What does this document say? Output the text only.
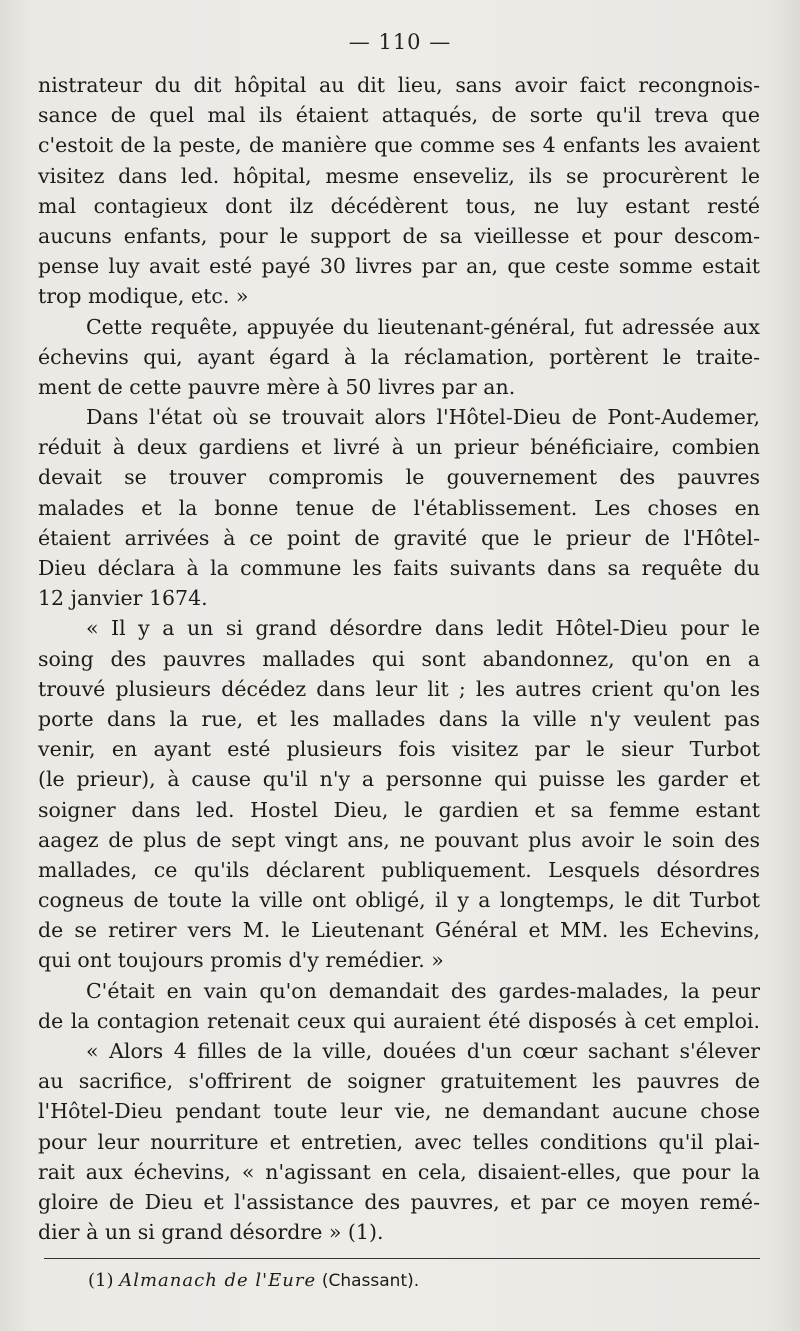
— 110 —
nistrateur du dit hôpital au dit lieu, sans avoir faict recongnois-
sance de quel mal ils étaient attaqués, de sorte qu'il treva que
c'estoit de la peste, de manière que comme ses 4 enfants les avaient
visitez dans led. hôpital, mesme enseveliz, ils se procurèrent le
mal contagieux dont ilz décédèrent tous, ne luy estant resté
aucuns enfants, pour le support de sa vieillesse et pour descom-
pense luy avait esté payé 30 livres par an, que ceste somme estait
trop modique, etc. »
Cette requête, appuyée du lieutenant-général, fut adressée aux
échevins qui, ayant égard à la réclamation, portèrent le traite-
ment de cette pauvre mère à 50 livres par an.
Dans l'état où se trouvait alors l'Hôtel-Dieu de Pont-Audemer,
réduit à deux gardiens et livré à un prieur bénéficiaire, combien
devait se trouver compromis le gouvernement des pauvres
malades et la bonne tenue de l'établissement. Les choses en
étaient arrivées à ce point de gravité que le prieur de l'Hôtel-
Dieu déclara à la commune les faits suivants dans sa requête du
12 janvier 1674.
« Il y a un si grand désordre dans ledit Hôtel-Dieu pour le
soing des pauvres mallades qui sont abandonnez, qu'on en a
trouvé plusieurs décédez dans leur lit ; les autres crient qu'on les
porte dans la rue, et les mallades dans la ville n'y veulent pas
venir, en ayant esté plusieurs fois visitez par le sieur Turbot
(le prieur), à cause qu'il n'y a personne qui puisse les garder et
soigner dans led. Hostel Dieu, le gardien et sa femme estant
aagez de plus de sept vingt ans, ne pouvant plus avoir le soin des
mallades, ce qu'ils déclarent publiquement. Lesquels désordres
cogneus de toute la ville ont obligé, il y a longtemps, le dit Turbot
de se retirer vers M. le Lieutenant Général et MM. les Echevins,
qui ont toujours promis d'y remédier. »
C'était en vain qu'on demandait des gardes-malades, la peur
de la contagion retenait ceux qui auraient été disposés à cet emploi.
« Alors 4 filles de la ville, douées d'un cœur sachant s'élever
au sacrifice, s'offrirent de soigner gratuitement les pauvres de
l'Hôtel-Dieu pendant toute leur vie, ne demandant aucune chose
pour leur nourriture et entretien, avec telles conditions qu'il plai-
rait aux échevins, « n'agissant en cela, disaient-elles, que pour la
gloire de Dieu et l'assistance des pauvres, et par ce moyen remé-
dier à un si grand désordre » (1).
(1) Almanach de l'Eure (Chassant).
